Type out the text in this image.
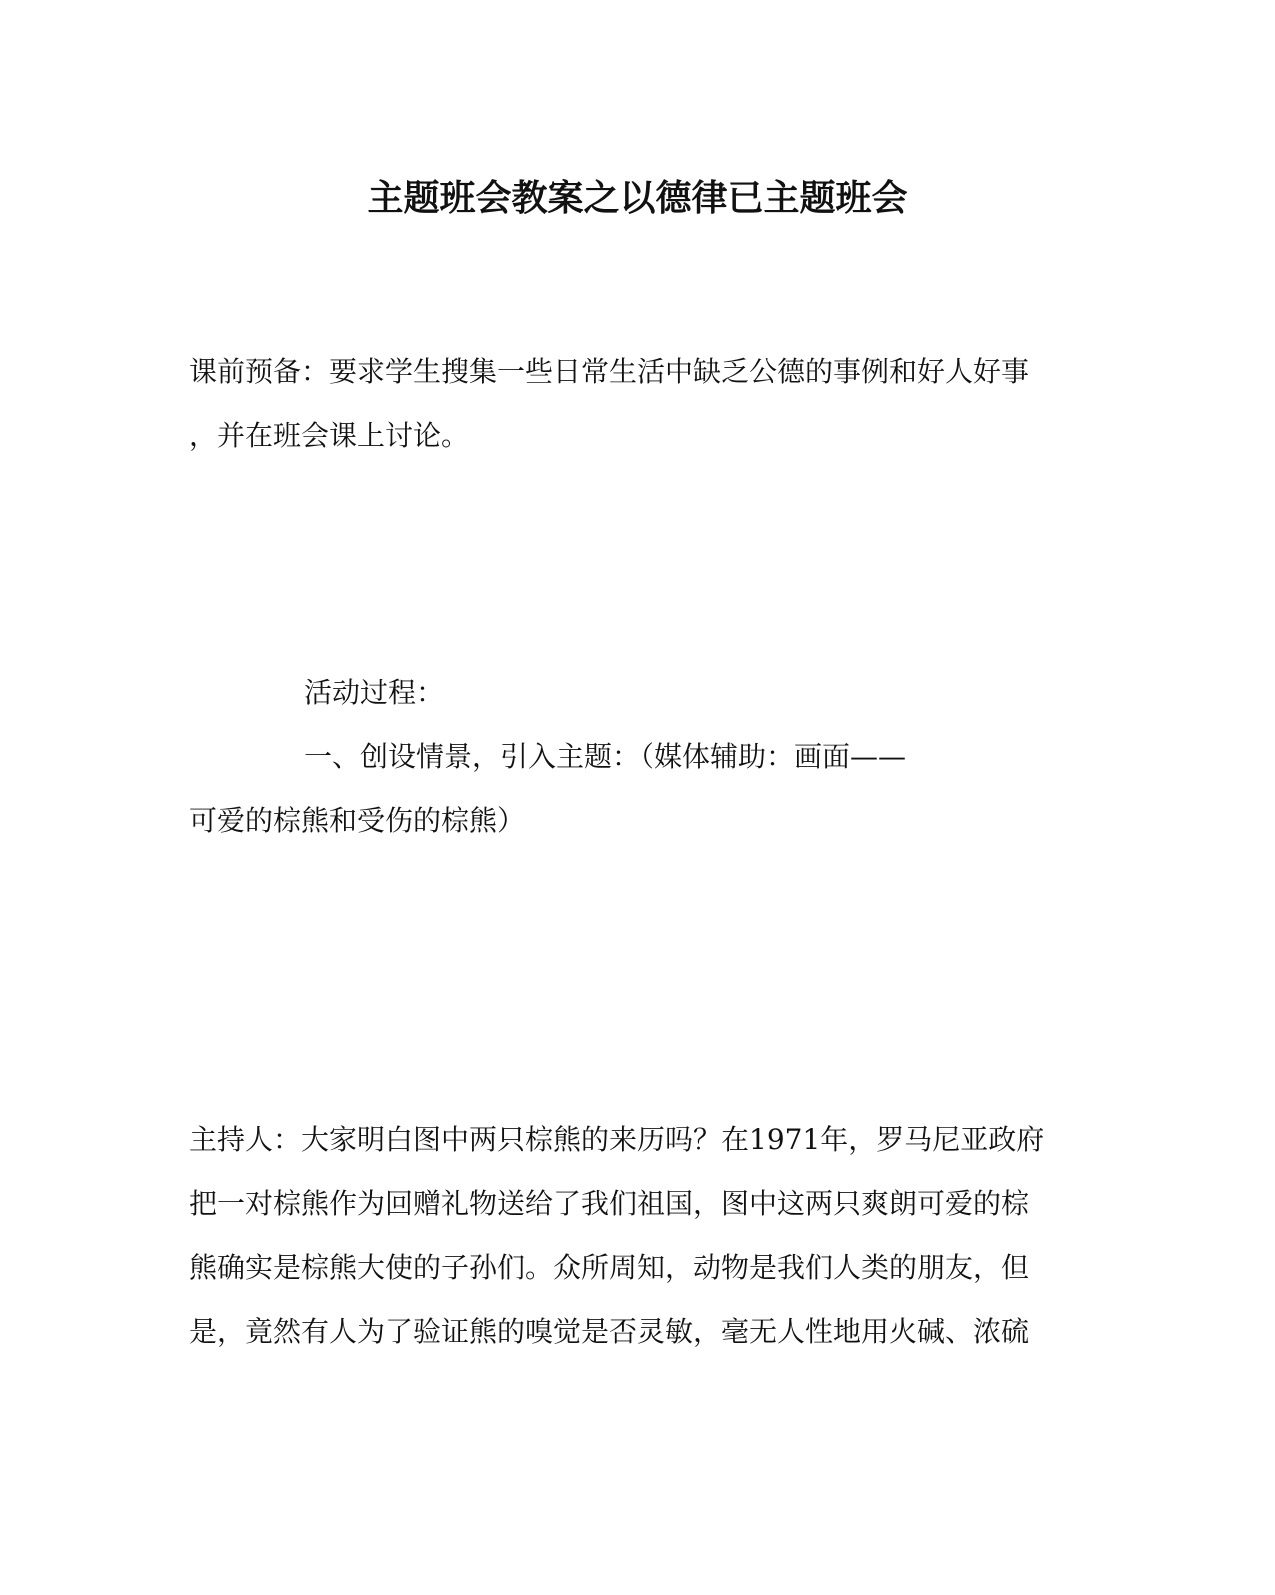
主题班会教案之以德律已主题班会
课前预备：要求学生搜集一些日常生活中缺乏公德的事例和好人好事
，并在班会课上讨论。
活动过程：
一、创设情景，引入主题：（媒体辅助：画面——
可爱的棕熊和受伤的棕熊）
主持人：大家明白图中两只棕熊的来历吗？在1971年，罗马尼亚政府
把一对棕熊作为回赠礼物送给了我们祖国，图中这两只爽朗可爱的棕
熊确实是棕熊大使的子孙们。众所周知，动物是我们人类的朋友，但
是，竟然有人为了验证熊的嗅觉是否灵敏，毫无人性地用火碱、浓硫
